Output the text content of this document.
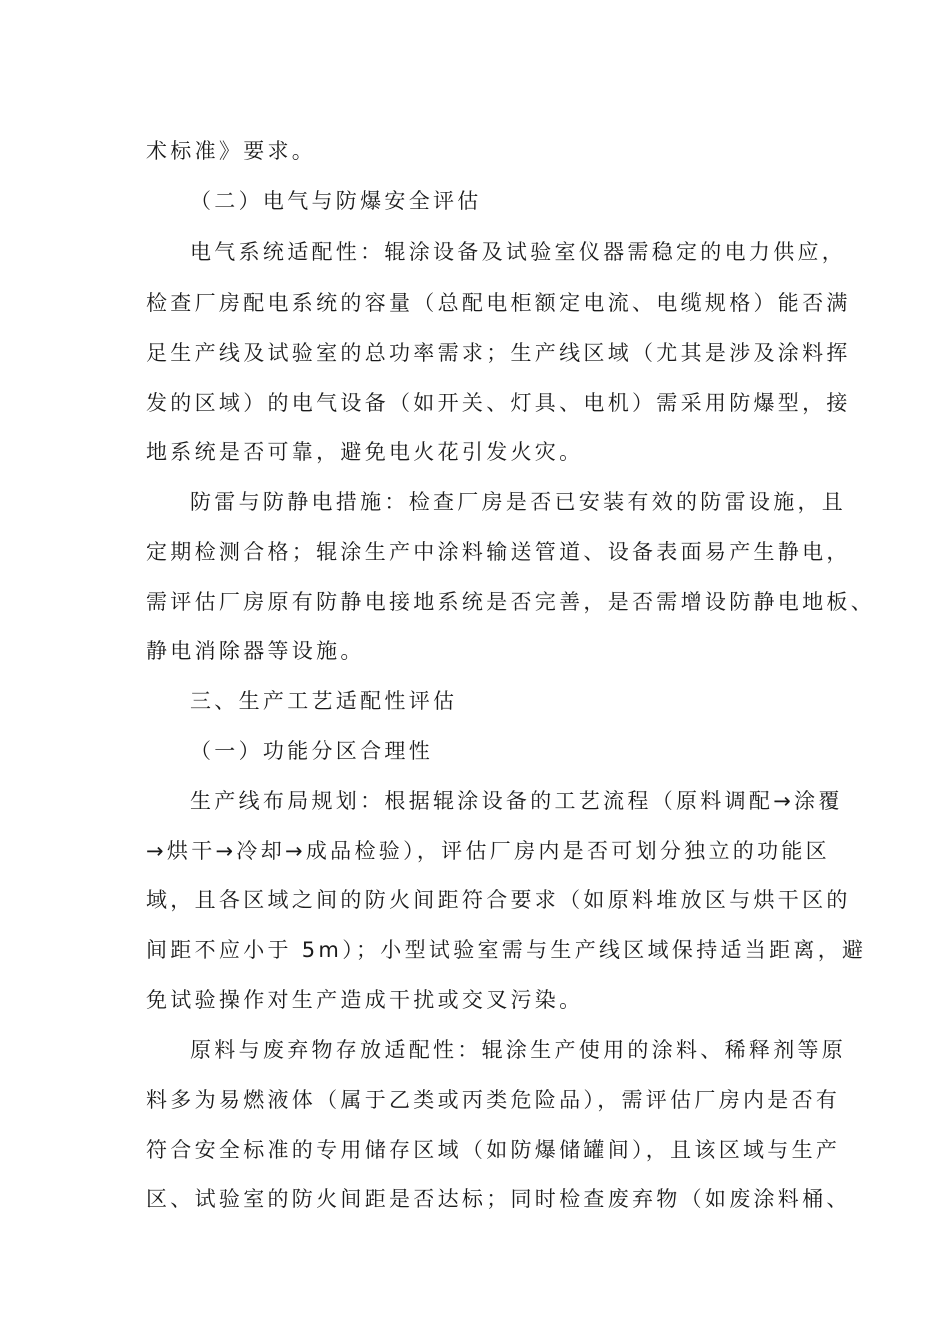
术标准》要求。
（二）电气与防爆安全评估
电气系统适配性：辊涂设备及试验室仪器需稳定的电力供应，
检查厂房配电系统的容量（总配电柜额定电流、电缆规格）能否满
足生产线及试验室的总功率需求；生产线区域（尤其是涉及涂料挥
发的区域）的电气设备（如开关、灯具、电机）需采用防爆型，接
地系统是否可靠，避免电火花引发火灾。
防雷与防静电措施：检查厂房是否已安装有效的防雷设施，且
定期检测合格；辊涂生产中涂料输送管道、设备表面易产生静电，
需评估厂房原有防静电接地系统是否完善，是否需增设防静电地板、
静电消除器等设施。
三、生产工艺适配性评估
（一）功能分区合理性
生产线布局规划：根据辊涂设备的工艺流程（原料调配→涂覆
→烘干→冷却→成品检验），评估厂房内是否可划分独立的功能区
域，且各区域之间的防火间距符合要求（如原料堆放区与烘干区的
间距不应小于 5m）；小型试验室需与生产线区域保持适当距离，避
免试验操作对生产造成干扰或交叉污染。
原料与废弃物存放适配性：辊涂生产使用的涂料、稀释剂等原
料多为易燃液体（属于乙类或丙类危险品），需评估厂房内是否有
符合安全标准的专用储存区域（如防爆储罐间），且该区域与生产
区、试验室的防火间距是否达标；同时检查废弃物（如废涂料桶、
